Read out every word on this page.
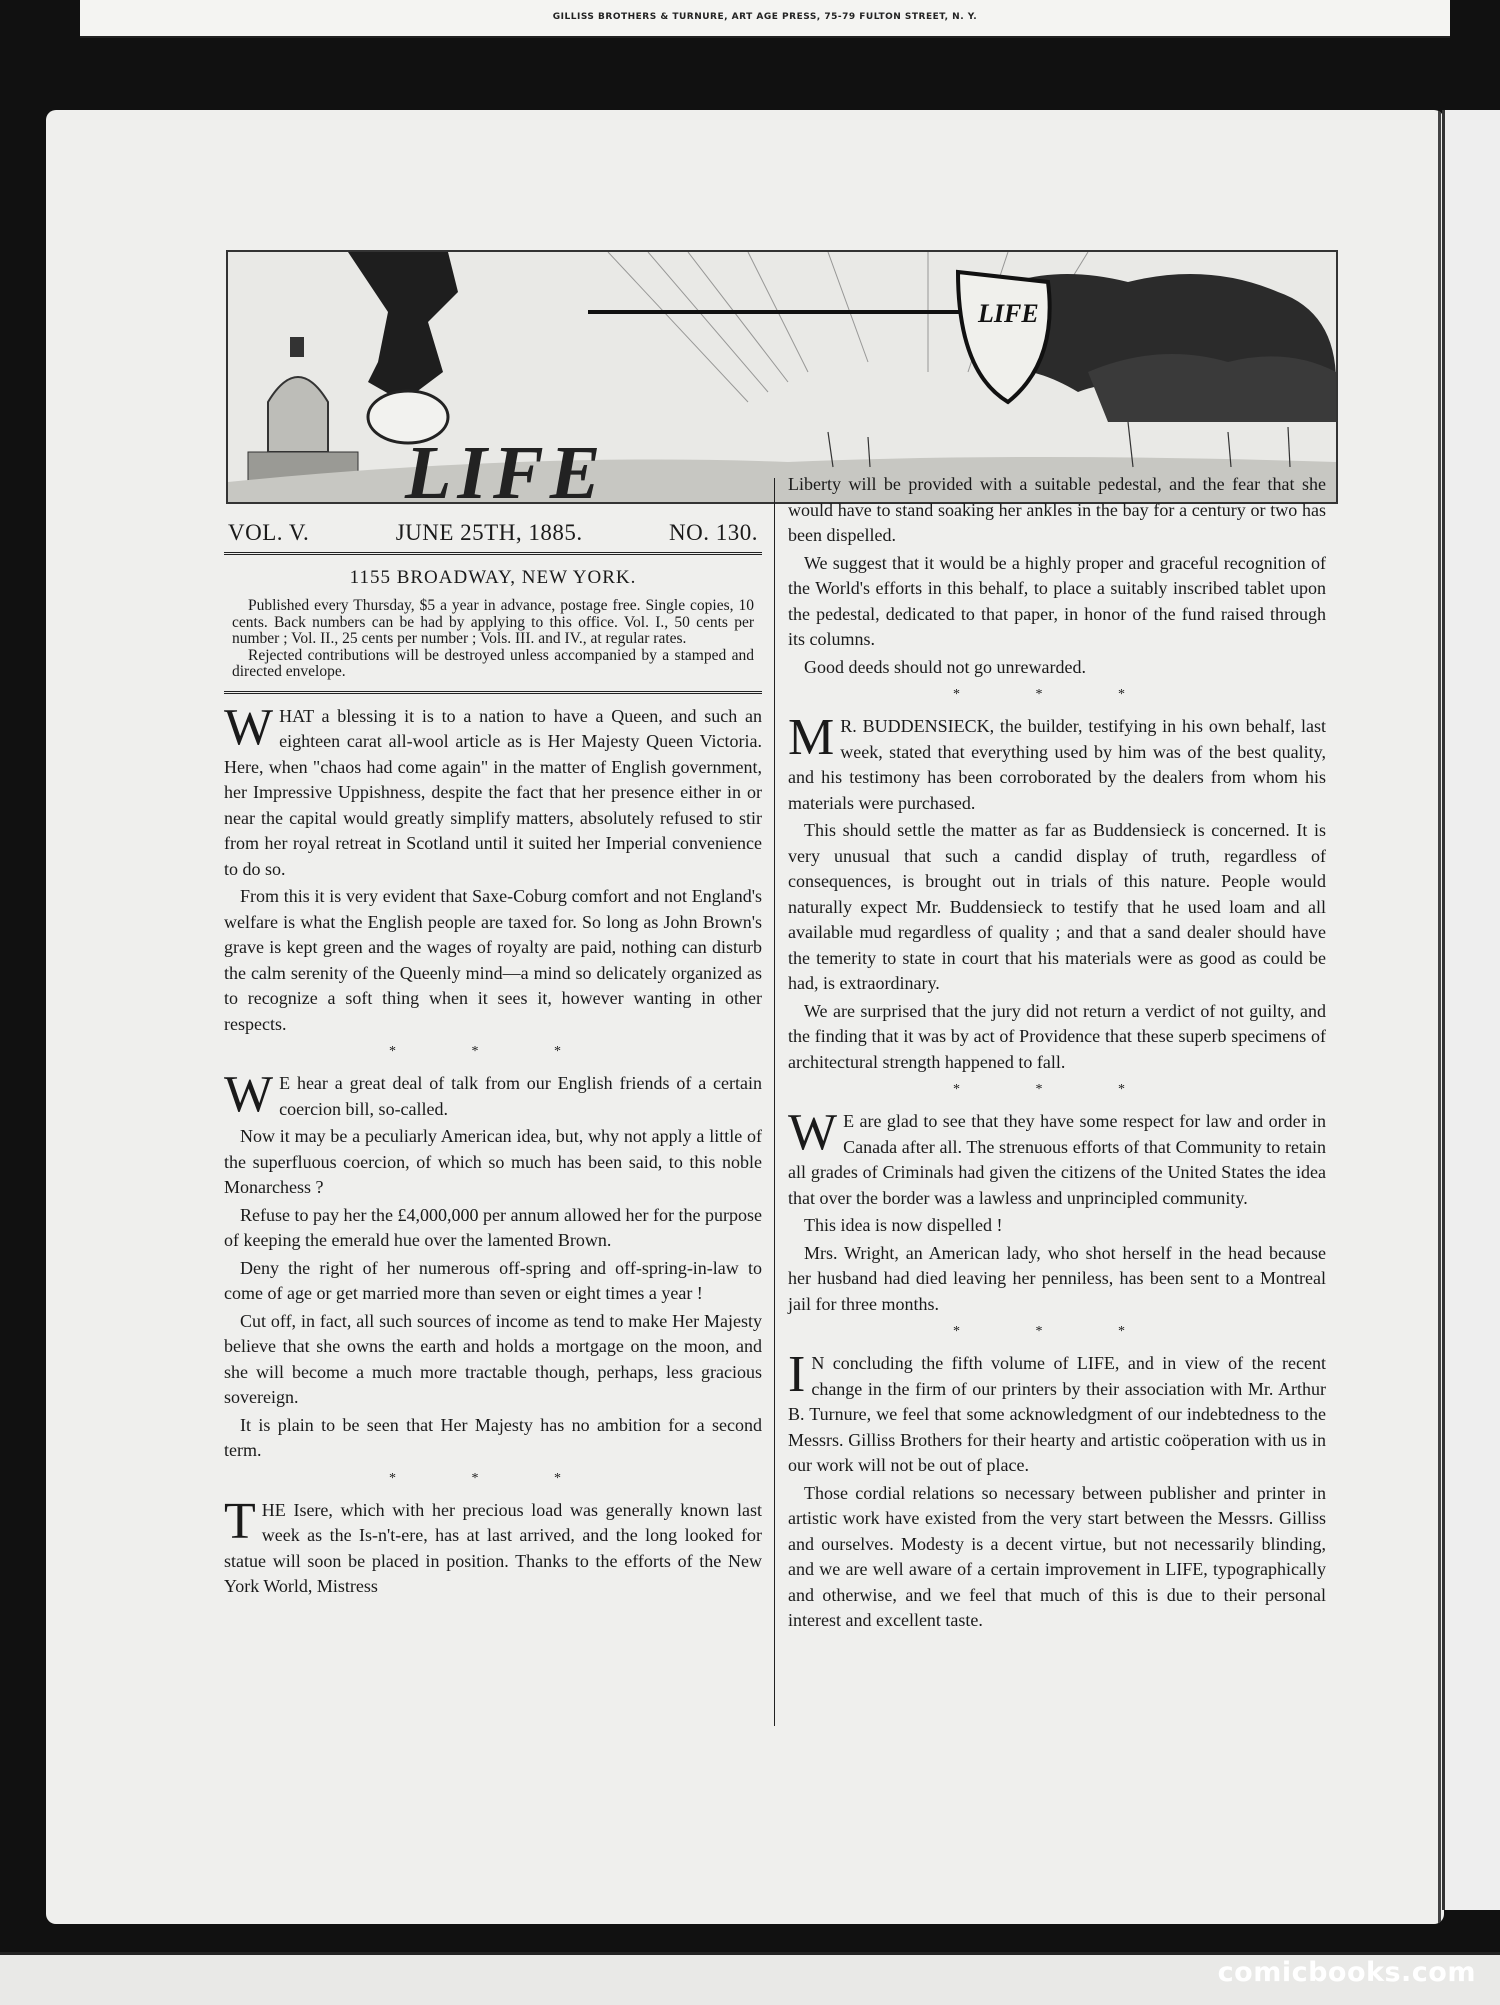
GILLISS BROTHERS & TURNURE, ART AGE PRESS, 75-79 FULTON STREET, N. Y.
LIFE
LIFE
VOL. V.	JUNE 25TH, 1885.	NO. 130.
1155 BROADWAY, NEW YORK.
Published every Thursday, $5 a year in advance, postage free. Single copies, 10 cents. Back numbers can be had by applying to this office. Vol. I., 50 cents per number ; Vol. II., 25 cents per number ; Vols. III. and IV., at regular rates.
Rejected contributions will be destroyed unless accompanied by a stamped and directed envelope.

WHAT a blessing it is to a nation to have a Queen, and such an eighteen carat all-wool article as is Her Majesty Queen Victoria. Here, when "chaos had come again" in the matter of English government, her Impressive Uppishness, despite the fact that her presence either in or near the capital would greatly simplify matters, absolutely refused to stir from her royal retreat in Scotland until it suited her Imperial convenience to do so.

From this it is very evident that Saxe-Coburg comfort and not England's welfare is what the English people are taxed for. So long as John Brown's grave is kept green and the wages of royalty are paid, nothing can disturb the calm serenity of the Queenly mind—a mind so delicately organized as to recognize a soft thing when it sees it, however wanting in other respects.

* * *

W E hear a great deal of talk from our English friends of a certain coercion bill, so-called.

Now it may be a peculiarly American idea, but, why not apply a little of the superfluous coercion, of which so much has been said, to this noble Monarchess ?

Refuse to pay her the £4,000,000 per annum allowed her for the purpose of keeping the emerald hue over the lamented Brown.

Deny the right of her numerous off-spring and off-spring-in-law to come of age or get married more than seven or eight times a year !

Cut off, in fact, all such sources of income as tend to make Her Majesty believe that she owns the earth and holds a mortgage on the moon, and she will become a much more tractable though, perhaps, less gracious sovereign.

It is plain to be seen that Her Majesty has no ambition for a second term.

* * *

THE Isere, which with her precious load was generally known last week as the Is-n't-ere, has at last arrived, and the long looked for statue will soon be placed in position. Thanks to the efforts of the New York World, Mistress

Liberty will be provided with a suitable pedestal, and the fear that she would have to stand soaking her ankles in the bay for a century or two has been dispelled.

We suggest that it would be a highly proper and graceful recognition of the World's efforts in this behalf, to place a suitably inscribed tablet upon the pedestal, dedicated to that paper, in honor of the fund raised through its columns.

Good deeds should not go unrewarded.

* * *

M R. BUDDENSIECK, the builder, testifying in his own behalf, last week, stated that everything used by him was of the best quality, and his testimony has been corroborated by the dealers from whom his materials were purchased.

This should settle the matter as far as Buddensieck is concerned. It is very unusual that such a candid display of truth, regardless of consequences, is brought out in trials of this nature. People would naturally expect Mr. Buddensieck to testify that he used loam and all available mud regardless of quality ; and that a sand dealer should have the temerity to state in court that his materials were as good as could be had, is extraordinary.

We are surprised that the jury did not return a verdict of not guilty, and the finding that it was by act of Providence that these superb specimens of architectural strength happened to fall.

* * *

W E are glad to see that they have some respect for law and order in Canada after all. The strenuous efforts of that Community to retain all grades of Criminals had given the citizens of the United States the idea that over the border was a lawless and unprincipled community.

This idea is now dispelled !

Mrs. Wright, an American lady, who shot herself in the head because her husband had died leaving her penniless, has been sent to a Montreal jail for three months.

* * *

I N concluding the fifth volume of LIFE, and in view of the recent change in the firm of our printers by their association with Mr. Arthur B. Turnure, we feel that some acknowledgment of our indebtedness to the Messrs. Gilliss Brothers for their hearty and artistic coöperation with us in our work will not be out of place.

Those cordial relations so necessary between publisher and printer in artistic work have existed from the very start between the Messrs. Gilliss and ourselves. Modesty is a decent virtue, but not necessarily blinding, and we are well aware of a certain improvement in LIFE, typographically and otherwise, and we feel that much of this is due to their personal interest and excellent taste.

comicbooks.com
